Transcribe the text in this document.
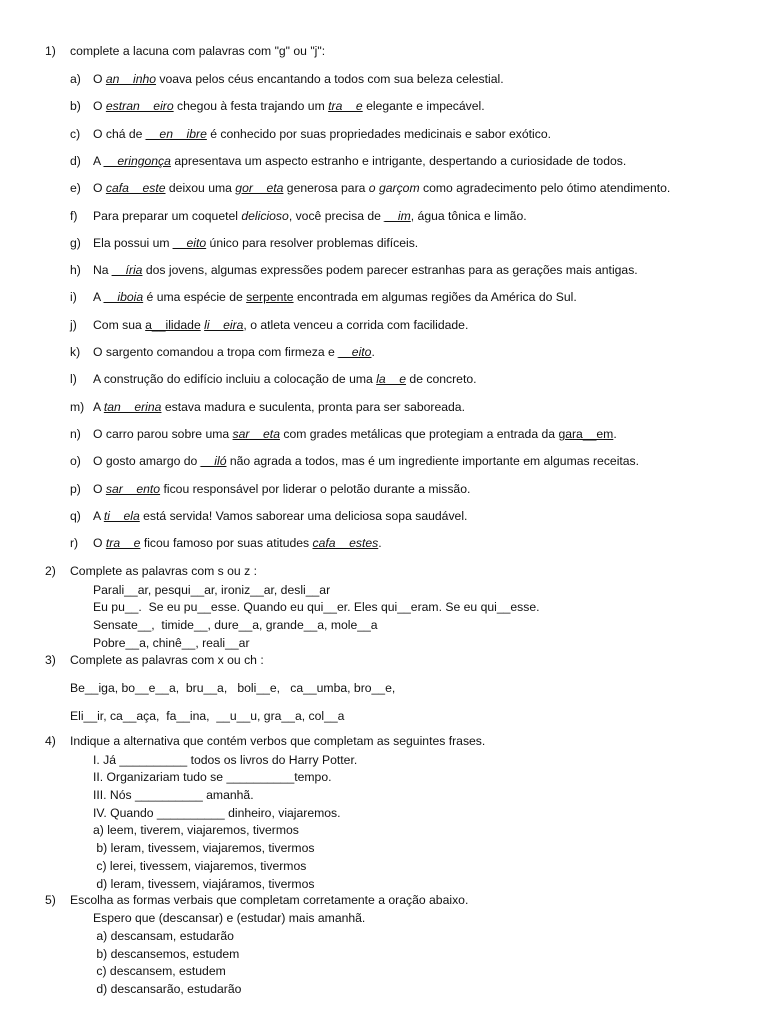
1) complete a lacuna com palavras com "g" ou "j":
a) O an__inho voava pelos céus encantando a todos com sua beleza celestial.
b) O estran__eiro chegou à festa trajando um tra__e elegante e impecável.
c) O chá de __en__ibre é conhecido por suas propriedades medicinais e sabor exótico.
d) A __eringonça apresentava um aspecto estranho e intrigante, despertando a curiosidade de todos.
e) O cafa__este deixou uma gor__eta generosa para o garçom como agradecimento pelo ótimo atendimento.
f) Para preparar um coquetel delicioso, você precisa de __im, água tônica e limão.
g) Ela possui um __eito único para resolver problemas difíceis.
h) Na __íria dos jovens, algumas expressões podem parecer estranhas para as gerações mais antigas.
i) A __iboia é uma espécie de serpente encontrada em algumas regiões da América do Sul.
j) Com sua a__ilidade li__eira, o atleta venceu a corrida com facilidade.
k) O sargento comandou a tropa com firmeza e __eito.
l) A construção do edifício incluiu a colocação de uma la__e de concreto.
m) A tan__erina estava madura e suculenta, pronta para ser saboreada.
n) O carro parou sobre uma sar__eta com grades metálicas que protegiam a entrada da gara__em.
o) O gosto amargo do __iló não agrada a todos, mas é um ingrediente importante em algumas receitas.
p) O sar__ento ficou responsável por liderar o pelotão durante a missão.
q) A ti__ela está servida! Vamos saborear uma deliciosa sopa saudável.
r) O tra__e ficou famoso por suas atitudes cafa__estes.
2) Complete as palavras com s ou z :
Parali__ar, pesqui__ar, ironiz__ar, desli__ar
Eu pu__.  Se eu pu__esse. Quando eu qui__er. Eles qui__eram. Se eu qui__esse.
Sensate__,  timide__, dure__a, grande__a, mole__a
Pobre__a, chinê__, reali__ar
3) Complete as palavras com x ou ch :
Be__iga, bo__e__a,  bru__a,   boli__e,   ca__umba, bro__e,
Eli__ir, ca__aça,  fa__ina,  __u__u, gra__a, col__a
4) Indique a alternativa que contém verbos que completam as seguintes frases.
I. Já __________ todos os livros do Harry Potter.
II. Organizariam tudo se __________tempo.
III. Nós __________ amanhã.
IV. Quando __________ dinheiro, viajaremos.
a) leem, tiverem, viajaremos, tivermos
b) leram, tivessem, viajaremos, tivermos
c) lerei, tivessem, viajaremos, tivermos
d) leram, tivessem, viajáramos, tivermos
5) Escolha as formas verbais que completam corretamente a oração abaixo.
Espero que (descansar) e (estudar) mais amanhã.
a) descansam, estudarão
b) descansemos, estudem
c) descansem, estudem
d) descansarão, estudarão
